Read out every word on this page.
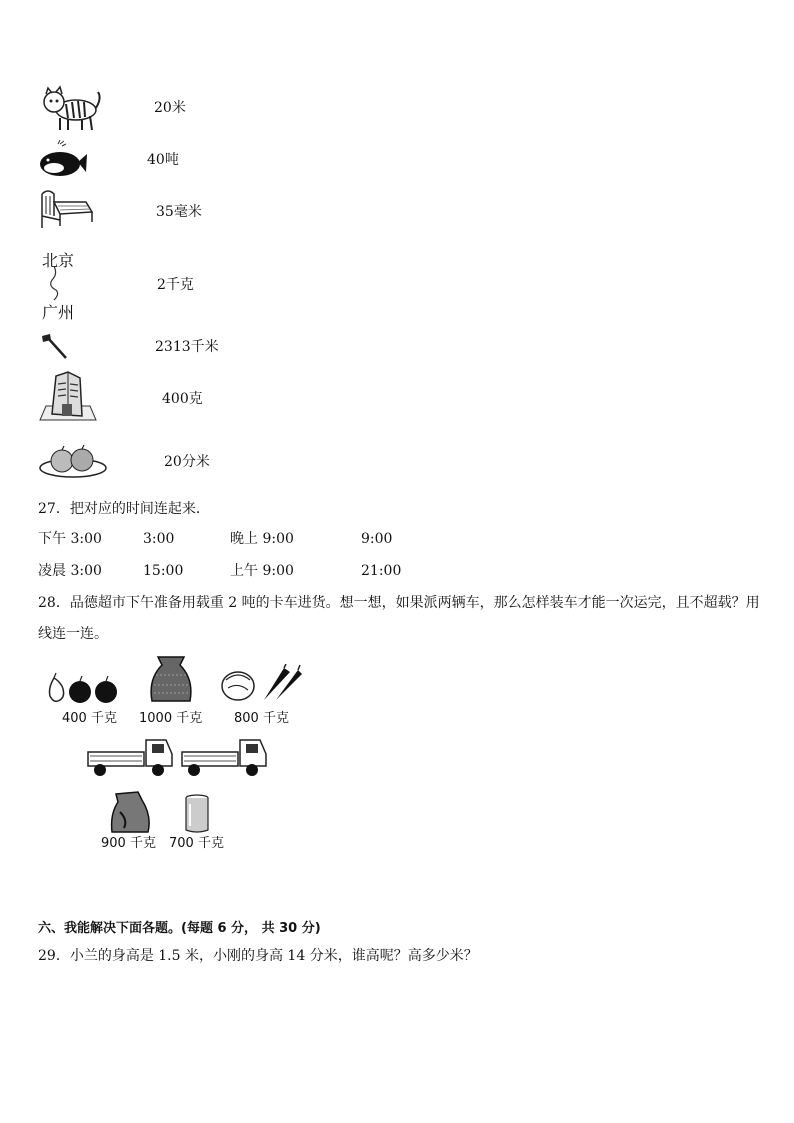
20米
40吨
35毫米
北京
广州
2千克
2313千米
400克
20分米
27．把对应的时间连起来．
下午 3:00	3:00	晚上 9:00	9:00
凌晨 3:00	15:00	上午 9:00	21:00
28．品德超市下午准备用载重 2 吨的卡车进货。想一想，如果派两辆车，那么怎样装车才能一次运完，且不超载？用
线连一连。
400 千克 1000 千克 800 千克
900 千克 700 千克
六、我能解决下面各题。(每题 6 分， 共 30 分)
29．小兰的身高是 1.5 米，小刚的身高 14 分米，谁高呢？高多少米？
